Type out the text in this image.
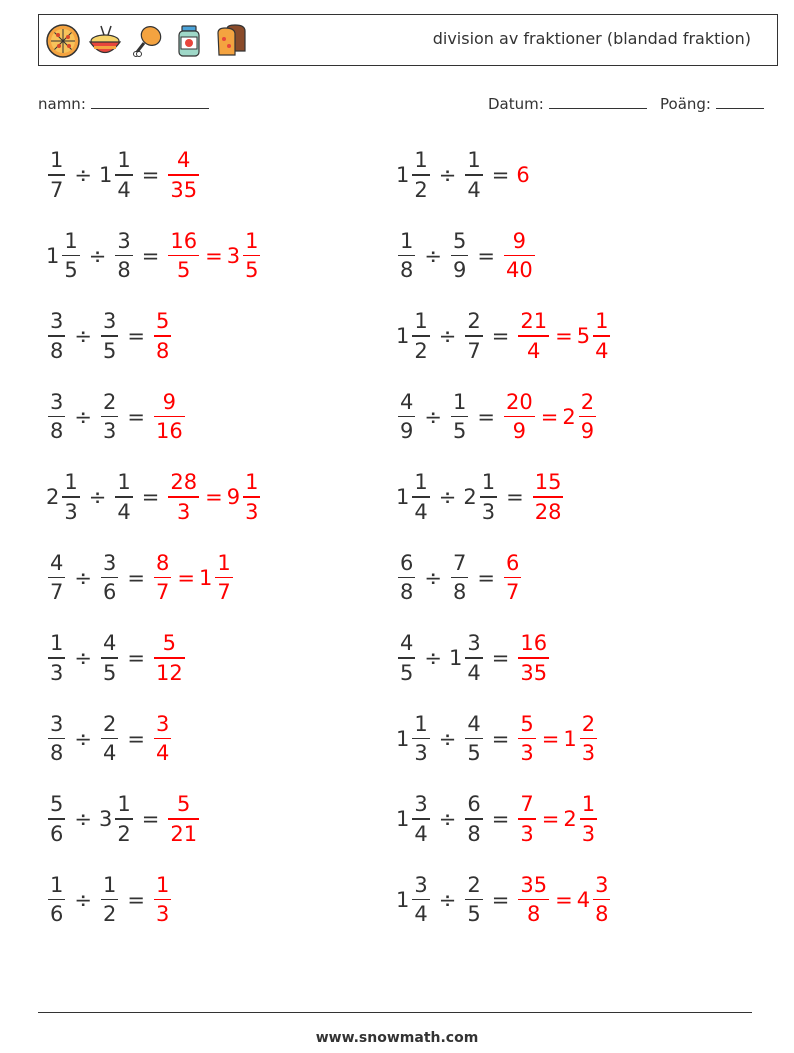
division av fraktioner (blandad fraktion)
namn:	Datum:	Poäng:
$\frac{1}{7} \div 1 \frac{1}{4} = \frac{4}{35}$	$1 \frac{1}{2} \div \frac{1}{4} = 6$
$1 \frac{1}{5} \div \frac{3}{8} = \frac{16}{5} = 3 \frac{1}{5}$	$\frac{1}{8} \div \frac{5}{9} = \frac{9}{40}$
$\frac{3}{8} \div \frac{3}{5} = \frac{5}{8}$	$1 \frac{1}{2} \div \frac{2}{7} = \frac{21}{4} = 5 \frac{1}{4}$
$\frac{3}{8} \div \frac{2}{3} = \frac{9}{16}$	$\frac{4}{9} \div \frac{1}{5} = \frac{20}{9} = 2 \frac{2}{9}$
$2 \frac{1}{3} \div \frac{1}{4} = \frac{28}{3} = 9 \frac{1}{3}$	$1 \frac{1}{4} \div 2 \frac{1}{3} = \frac{15}{28}$
$\frac{4}{7} \div \frac{3}{6} = \frac{8}{7} = 1 \frac{1}{7}$	$\frac{6}{8} \div \frac{7}{8} = \frac{6}{7}$
$\frac{1}{3} \div \frac{4}{5} = \frac{5}{12}$	$\frac{4}{5} \div 1 \frac{3}{4} = \frac{16}{35}$
$\frac{3}{8} \div \frac{2}{4} = \frac{3}{4}$	$1 \frac{1}{3} \div \frac{4}{5} = \frac{5}{3} = 1 \frac{2}{3}$
$\frac{5}{6} \div 3 \frac{1}{2} = \frac{5}{21}$	$1 \frac{3}{4} \div \frac{6}{8} = \frac{7}{3} = 2 \frac{1}{3}$
$\frac{1}{6} \div \frac{1}{2} = \frac{1}{3}$	$1 \frac{3}{4} \div \frac{2}{5} = \frac{35}{8} = 4 \frac{3}{8}$
www.snowmath.com
